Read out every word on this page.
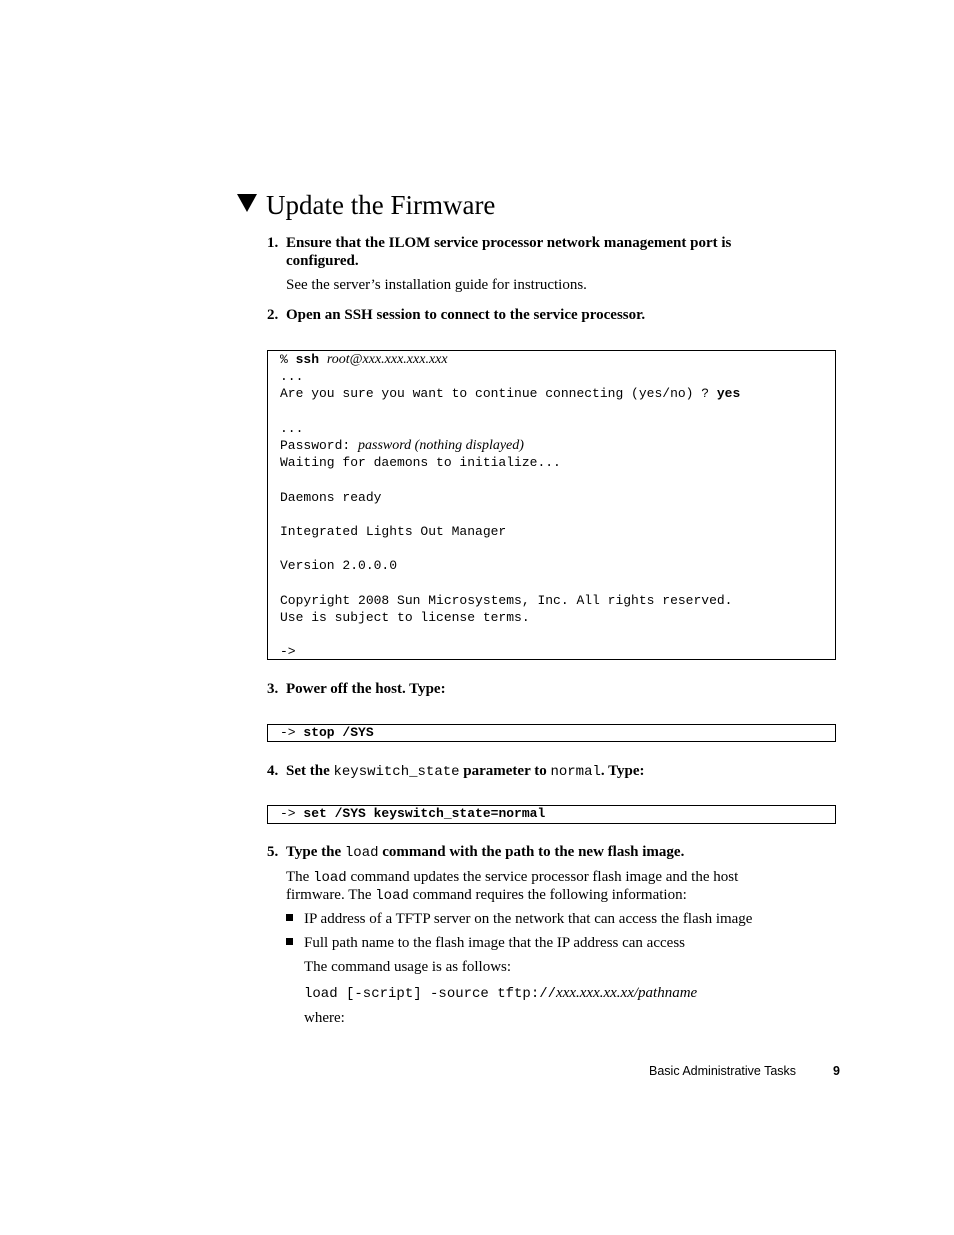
Update the Firmware
1. Ensure that the ILOM service processor network management port is configured.
See the server’s installation guide for instructions.
2. Open an SSH session to connect to the service processor.
% ssh root@xxx.xxx.xxx.xxx
...
Are you sure you want to continue connecting (yes/no) ? yes
...
Password: password (nothing displayed)
Waiting for daemons to initialize...
Daemons ready
Integrated Lights Out Manager
Version 2.0.0.0
Copyright 2008 Sun Microsystems, Inc. All rights reserved.
Use is subject to license terms.
->
3. Power off the host. Type:
-> stop /SYS
4. Set the keyswitch_state parameter to normal. Type:
-> set /SYS keyswitch_state=normal
5. Type the load command with the path to the new flash image.
The load command updates the service processor flash image and the host
firmware. The load command requires the following information:
IP address of a TFTP server on the network that can access the flash image
Full path name to the flash image that the IP address can access
The command usage is as follows:
load [-script] -source tftp://xxx.xxx.xx.xx/pathname
where:
Basic Administrative Tasks	9
